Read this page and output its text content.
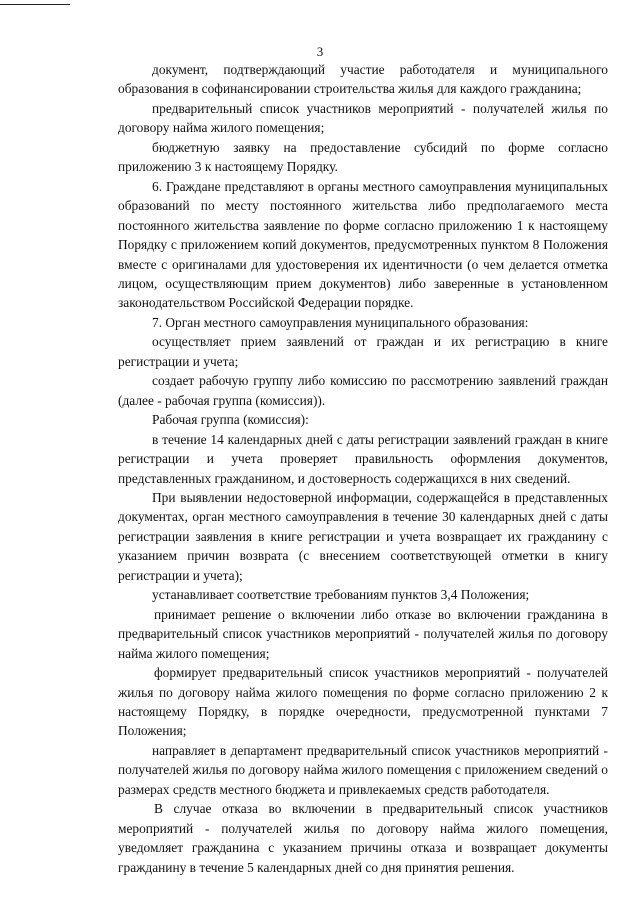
3

документ, подтверждающий участие работодателя и муниципального образования в софинансировании строительства жилья для каждого гражданина;

предварительный список участников мероприятий - получателей жилья по договору найма жилого помещения;

бюджетную заявку на предоставление субсидий по форме согласно приложению 3 к настоящему Порядку.

6. Граждане представляют в органы местного самоуправления муниципальных образований по месту постоянного жительства либо предполагаемого места постоянного жительства заявление по форме согласно приложению 1 к настоящему Порядку с приложением копий документов, предусмотренных пунктом 8 Положения вместе с оригиналами для удостоверения их идентичности (о чем делается отметка лицом, осуществляющим прием документов) либо заверенные в установленном законодательством Российской Федерации порядке.

7. Орган местного самоуправления муниципального образования:

осуществляет прием заявлений от граждан и их регистрацию в книге регистрации и учета;

создает рабочую группу либо комиссию по рассмотрению заявлений граждан (далее - рабочая группа (комиссия)).

Рабочая группа (комиссия):

в течение 14 календарных дней с даты регистрации заявлений граждан в книге регистрации и учета проверяет правильность оформления документов, представленных гражданином, и достоверность содержащихся в них сведений.

При выявлении недостоверной информации, содержащейся в представленных документах, орган местного самоуправления в течение 30 календарных дней с даты регистрации заявления в книге регистрации и учета возвращает их гражданину с указанием причин возврата (с внесением соответствующей отметки в книгу регистрации и учета);

устанавливает соответствие требованиям пунктов 3,4 Положения;

принимает решение о включении либо отказе во включении гражданина в предварительный список участников мероприятий - получателей жилья по договору найма жилого помещения;

формирует предварительный список участников мероприятий - получателей жилья по договору найма жилого помещения по форме согласно приложению 2 к настоящему Порядку, в порядке очередности, предусмотренной пунктами 7 Положения;

направляет в департамент предварительный список участников мероприятий - получателей жилья по договору найма жилого помещения с приложением сведений о размерах средств местного бюджета и привлекаемых средств работодателя.

В случае отказа во включении в предварительный список участников мероприятий - получателей жилья по договору найма жилого помещения, уведомляет гражданина с указанием причины отказа и возвращает документы гражданину в течение 5 календарных дней со дня принятия решения.
